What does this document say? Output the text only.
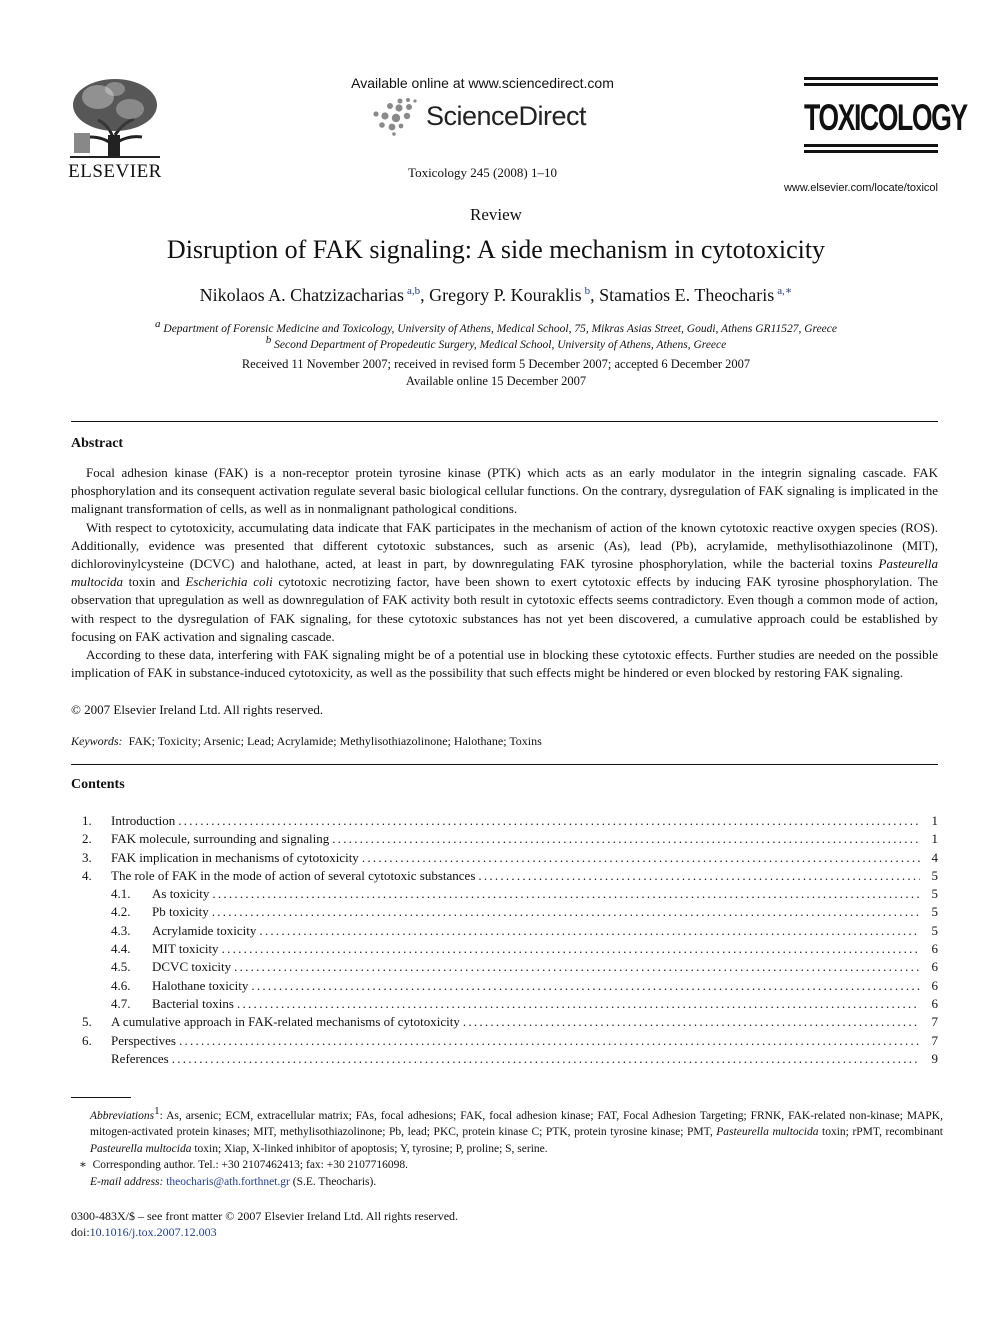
ELSEVIER
Available online at www.sciencedirect.com
ScienceDirect
Toxicology 245 (2008) 1–10
TOXICOLOGY
www.elsevier.com/locate/toxicol
Review
Disruption of FAK signaling: A side mechanism in cytotoxicity
Nikolaos A. Chatzizacharias $^{a,b}$, Gregory P. Kouraklis $^b$, Stamatios E. Theocharis $^{a,∗}$
$^a$ Department of Forensic Medicine and Toxicology, University of Athens, Medical School, 75, Mikras Asias Street, Goudi, Athens GR11527, Greece
$^b$ Second Department of Propedeutic Surgery, Medical School, University of Athens, Athens, Greece
Received 11 November 2007; received in revised form 5 December 2007; accepted 6 December 2007
Available online 15 December 2007
Abstract

Focal adhesion kinase (FAK) is a non-receptor protein tyrosine kinase (PTK) which acts as an early modulator in the integrin signaling cascade. FAK phosphorylation and its consequent activation regulate several basic biological cellular functions. On the contrary, dysregulation of FAK signaling is implicated in the malignant transformation of cells, as well as in nonmalignant pathological conditions.

With respect to cytotoxicity, accumulating data indicate that FAK participates in the mechanism of action of the known cytotoxic reactive oxygen species (ROS). Additionally, evidence was presented that different cytotoxic substances, such as arsenic (As), lead (Pb), acrylamide, methylisothiazolinone (MIT), dichlorovinylcysteine (DCVC) and halothane, acted, at least in part, by downregulating FAK tyrosine phosphorylation, while the bacterial toxins Pasteurella multocida toxin and Escherichia coli cytotoxic necrotizing factor, have been shown to exert cytotoxic effects by inducing FAK tyrosine phosphorylation. The observation that upregulation as well as downregulation of FAK activity both result in cytotoxic effects seems contradictory. Even though a common mode of action, with respect to the dysregulation of FAK signaling, for these cytotoxic substances has not yet been discovered, a cumulative approach could be established by focusing on FAK activation and signaling cascade.

According to these data, interfering with FAK signaling might be of a potential use in blocking these cytotoxic effects. Further studies are needed on the possible implication of FAK in substance-induced cytotoxicity, as well as the possibility that such effects might be hindered or even blocked by restoring FAK signaling.

© 2007 Elsevier Ireland Ltd. All rights reserved.
Keywords: FAK; Toxicity; Arsenic; Lead; Acrylamide; Methylisothiazolinone; Halothane; Toxins
Contents
1. Introduction . . .	1
2. FAK molecule, surrounding and signaling . . .	1
3. FAK implication in mechanisms of cytotoxicity . . .	4
4. The role of FAK in the mode of action of several cytotoxic substances . . .	5
4.1. As toxicity . . .	5
4.2. Pb toxicity . . .	5
4.3. Acrylamide toxicity . . .	5
4.4. MIT toxicity . . .	6
4.5. DCVC toxicity . . .	6
4.6. Halothane toxicity . . .	6
4.7. Bacterial toxins . . .	6
5. A cumulative approach in FAK-related mechanisms of cytotoxicity . . .	7
6. Perspectives . . .	7
References . . .	9

Abbreviations$^1$: As, arsenic; ECM, extracellular matrix; FAs, focal adhesions; FAK, focal adhesion kinase; FAT, Focal Adhesion Targeting; FRNK, FAK-related non-kinase; MAPK, mitogen-activated protein kinases; MIT, methylisothiazolinone; Pb, lead; PKC, protein kinase C; PTK, protein tyrosine kinase; PMT, Pasteurella multocida toxin; rPMT, recombinant Pasteurella multocida toxin; Xiap, X-linked inhibitor of apoptosis; Y, tyrosine; P, proline; S, serine.

∗ Corresponding author. Tel.: +30 2107462413; fax: +30 2107716098.

E-mail address: theocharis@ath.forthnet.gr (S.E. Theocharis).

0300-483X/$ – see front matter © 2007 Elsevier Ireland Ltd. All rights reserved.
doi:10.1016/j.tox.2007.12.003
